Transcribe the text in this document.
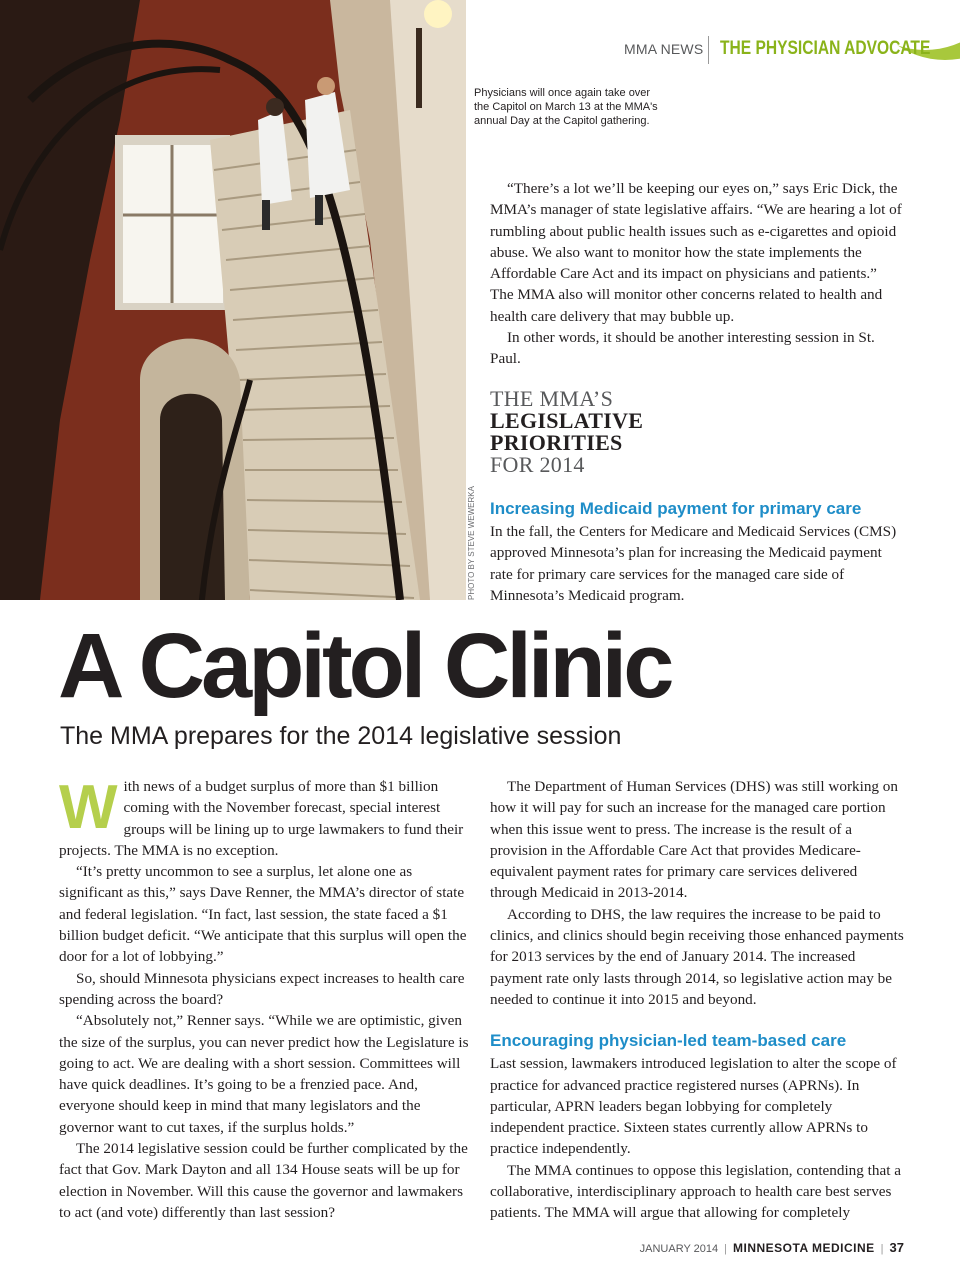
MMA NEWS THE PHYSICIAN ADVOCATE
PHOTO BY STEVE WEWERKA
Physicians will once again take over the Capitol on March 13 at the MMA's annual Day at the Capitol gathering.

“There’s a lot we’ll be keeping our eyes on,” says Eric Dick, the MMA’s manager of state legislative affairs. “We are hearing a lot of rumbling about public health issues such as e-cigarettes and opioid abuse. We also want to monitor how the state implements the Affordable Care Act and its impact on physicians and patients.” The MMA also will monitor other concerns related to health and health care delivery that may bubble up.

In other words, it should be another interesting session in St. Paul.

THE MMA’S
LEGISLATIVE
PRIORITIES
FOR 2014
Increasing Medicaid payment for primary care

In the fall, the Centers for Medicare and Medicaid Services (CMS) approved Minnesota’s plan for increasing the Medicaid payment rate for primary care services for the managed care side of Minnesota’s Medicaid program.

A Capitol Clinic
The MMA prepares for the 2014 legislative session

With news of a budget surplus of more than $1 billion coming with the November forecast, special interest groups will be lining up to urge lawmakers to fund their projects. The MMA is no exception.

“It’s pretty uncommon to see a surplus, let alone one as significant as this,” says Dave Renner, the MMA’s director of state and federal legislation. “In fact, last session, the state faced a $1 billion budget deficit. “We anticipate that this surplus will open the door for a lot of lobbying.”

So, should Minnesota physicians expect increases to health care spending across the board?

“Absolutely not,” Renner says. “While we are optimistic, given the size of the surplus, you can never predict how the Legislature is going to act. We are dealing with a short session. Committees will have quick deadlines. It’s going to be a frenzied pace. And, everyone should keep in mind that many legislators and the governor want to cut taxes, if the surplus holds.”

The 2014 legislative session could be further complicated by the fact that Gov. Mark Dayton and all 134 House seats will be up for election in November. Will this cause the governor and lawmakers to act (and vote) differently than last session?

The Department of Human Services (DHS) was still working on how it will pay for such an increase for the managed care portion when this issue went to press. The increase is the result of a provision in the Affordable Care Act that provides Medicare-equivalent payment rates for primary care services delivered through Medicaid in 2013-2014.

According to DHS, the law requires the increase to be paid to clinics, and clinics should begin receiving those enhanced payments for 2013 services by the end of January 2014. The increased payment rate only lasts through 2014, so legislative action may be needed to continue it into 2015 and beyond.

Encouraging physician-led team-based care

Last session, lawmakers introduced legislation to alter the scope of practice for advanced practice registered nurses (APRNs). In particular, APRN leaders began lobbying for completely independent practice. Sixteen states currently allow APRNs to practice independently.

The MMA continues to oppose this legislation, contending that a collaborative, interdisciplinary approach to health care best serves patients. The MMA will argue that allowing for completely

JANUARY 2014 | MINNESOTA MEDICINE | 37
